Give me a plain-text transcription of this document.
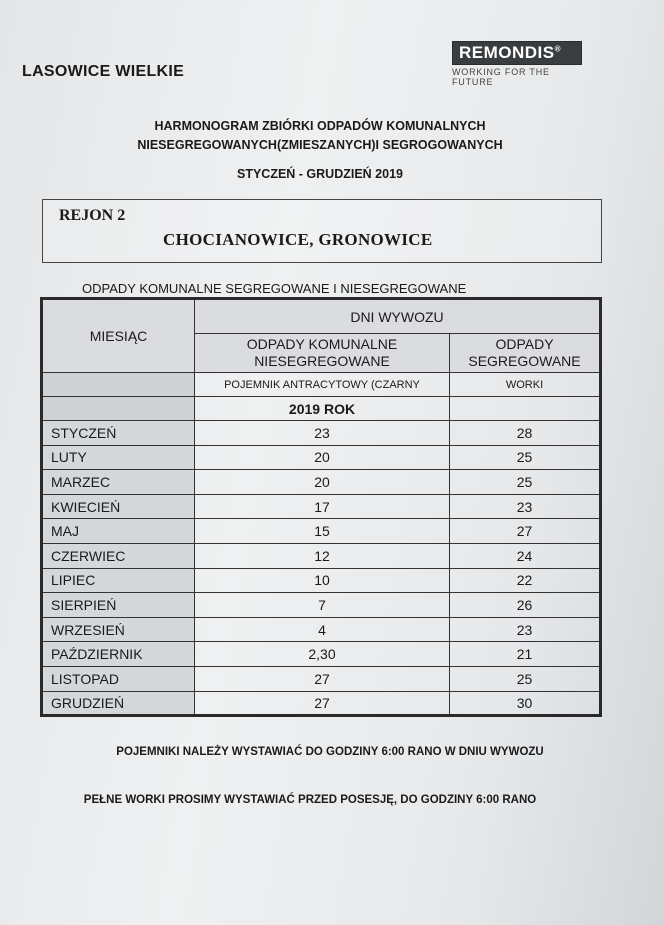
LASOWICE WIELKIE
REMONDIS®
WORKING FOR THE FUTURE
HARMONOGRAM ZBIÓRKI ODPADÓW KOMUNALNYCH
NIESEGREGOWANYCH(ZMIESZANYCH)I SEGROGOWANYCH
STYCZEŃ - GRUDZIEŃ 2019
REJON 2
CHOCIANOWICE, GRONOWICE
ODPADY KOMUNALNE SEGREGOWANE I NIESEGREGOWANE
MIESIĄC	DNI WYWOZU	
	ODPADY KOMUNALNE NIESEGREGOWANE	ODPADY SEGREGOWANE
	POJEMNIK ANTRACYTOWY (CZARNY	WORKI
	2019 ROK	
STYCZEŃ	23	28
LUTY	20	25
MARZEC	20	25
KWIECIEŃ	17	23
MAJ	15	27
CZERWIEC	12	24
LIPIEC	10	22
SIERPIEŃ	7	26
WRZESIEŃ	4	23
PAŹDZIERNIK	2,30	21
LISTOPAD	27	25
GRUDZIEŃ	27	30
POJEMNIKI NALEŻY WYSTAWIAĆ DO GODZINY 6:00 RANO W DNIU WYWOZU
PEŁNE WORKI PROSIMY WYSTAWIAĆ PRZED POSESJĘ, DO GODZINY 6:00 RANO
